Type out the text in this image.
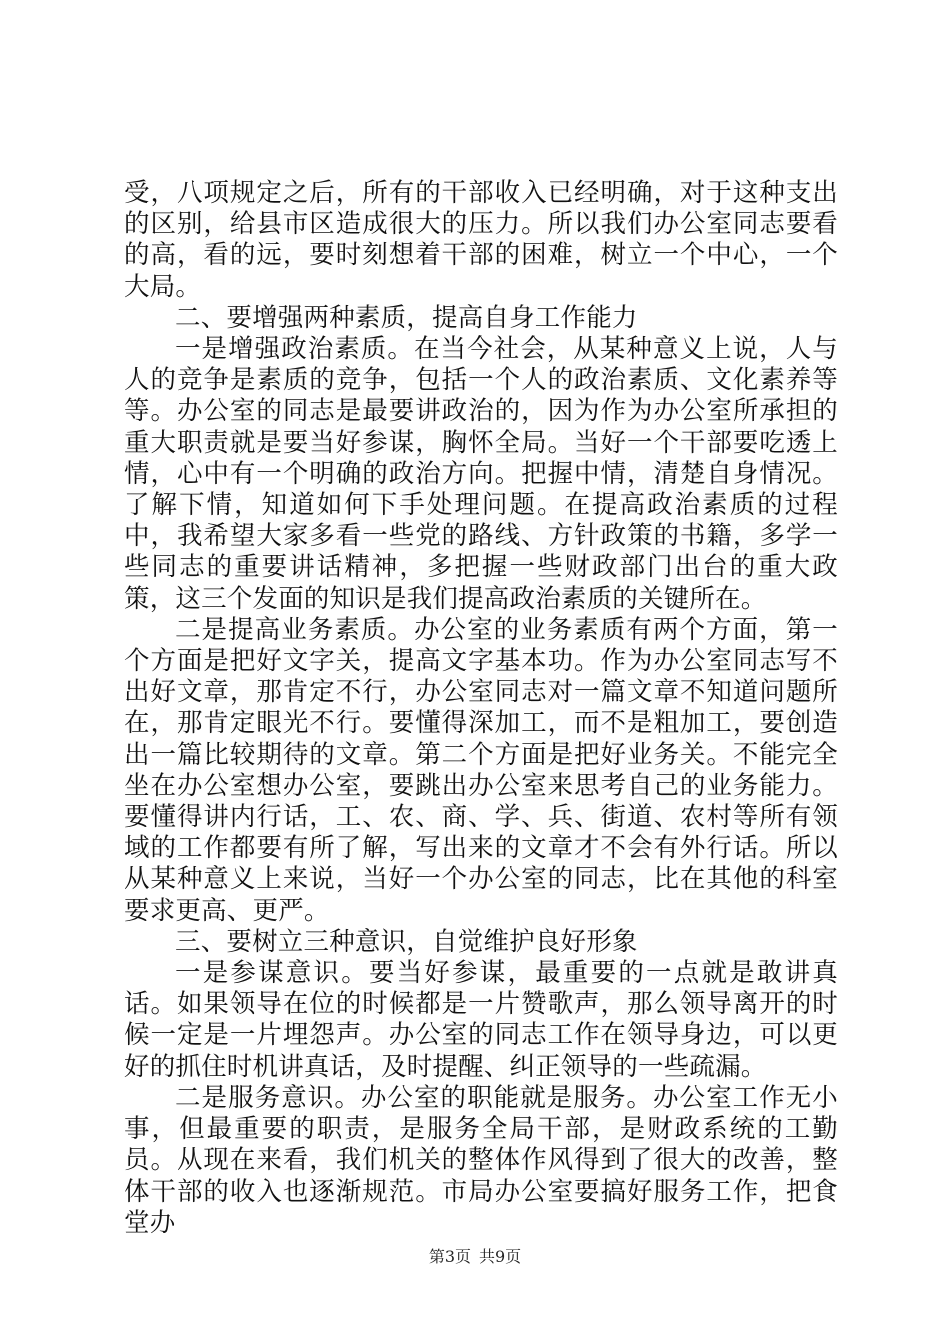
受，八项规定之后，所有的干部收入已经明确，对于这种支出的区别，给县市区造成很大的压力。所以我们办公室同志要看的高，看的远，要时刻想着干部的困难，树立一个中心，一个大局。

二、要增强两种素质，提高自身工作能力

一是增强政治素质。在当今社会，从某种意义上说，人与人的竞争是素质的竞争，包括一个人的政治素质、文化素养等等。办公室的同志是最要讲政治的，因为作为办公室所承担的重大职责就是要当好参谋，胸怀全局。当好一个干部要吃透上情，心中有一个明确的政治方向。把握中情，清楚自身情况。了解下情，知道如何下手处理问题。在提高政治素质的过程中，我希望大家多看一些党的路线、方针政策的书籍，多学一些同志的重要讲话精神，多把握一些财政部门出台的重大政策，这三个发面的知识是我们提高政治素质的关键所在。

二是提高业务素质。办公室的业务素质有两个方面，第一个方面是把好文字关，提高文字基本功。作为办公室同志写不出好文章，那肯定不行，办公室同志对一篇文章不知道问题所在，那肯定眼光不行。要懂得深加工，而不是粗加工，要创造出一篇比较期待的文章。第二个方面是把好业务关。不能完全坐在办公室想办公室，要跳出办公室来思考自己的业务能力。要懂得讲内行话，工、农、商、学、兵、街道、农村等所有领域的工作都要有所了解，写出来的文章才不会有外行话。所以从某种意义上来说，当好一个办公室的同志，比在其他的科室要求更高、更严。

三、要树立三种意识，自觉维护良好形象

一是参谋意识。要当好参谋，最重要的一点就是敢讲真话。如果领导在位的时候都是一片赞歌声，那么领导离开的时候一定是一片埋怨声。办公室的同志工作在领导身边，可以更好的抓住时机讲真话，及时提醒、纠正领导的一些疏漏。

二是服务意识。办公室的职能就是服务。办公室工作无小事，但最重要的职责，是服务全局干部，是财政系统的工勤员。从现在来看，我们机关的整体作风得到了很大的改善，整体干部的收入也逐渐规范。市局办公室要搞好服务工作，把食堂办

第3页 共9页
